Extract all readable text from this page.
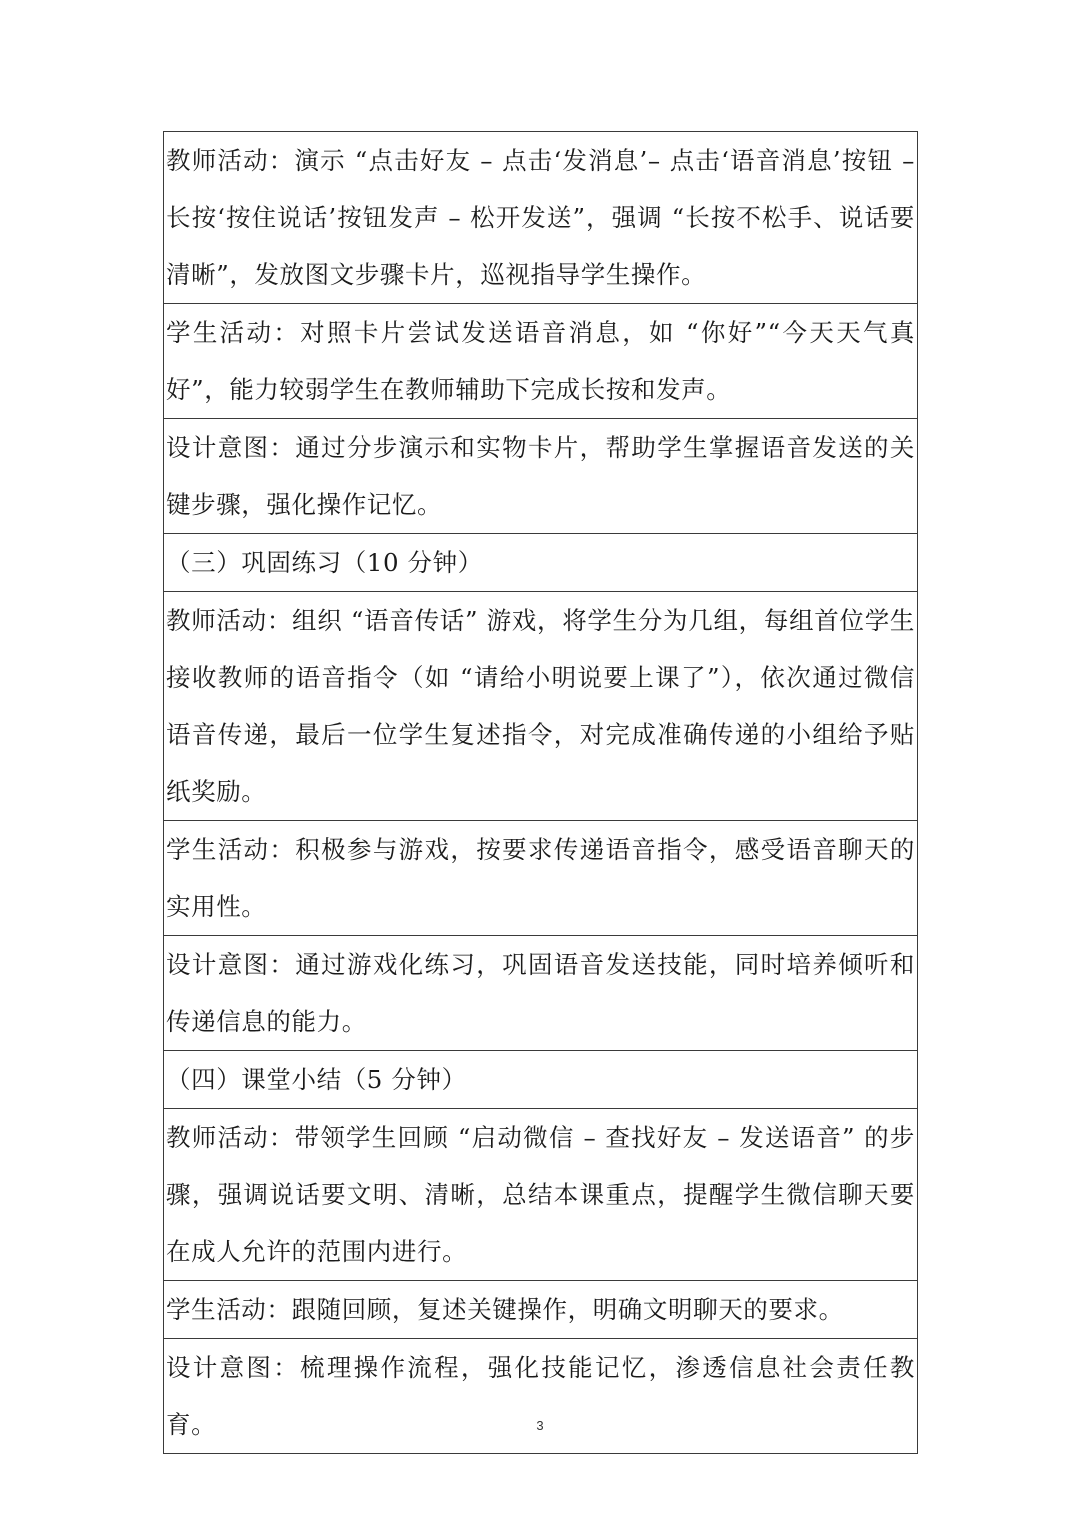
教师活动：演示 “点击好友 – 点击‘发消息’– 点击‘语音消息’按钮 – 长按‘按住说话’按钮发声 – 松开发送”，强调 “长按不松手、说话要清晰”，发放图文步骤卡片，巡视指导学生操作。
学生活动：对照卡片尝试发送语音消息，如 “你好”“今天天气真好”，能力较弱学生在教师辅助下完成长按和发声。
设计意图：通过分步演示和实物卡片，帮助学生掌握语音发送的关键步骤，强化操作记忆。
（三）巩固练习（10 分钟）
教师活动：组织 “语音传话” 游戏，将学生分为几组，每组首位学生接收教师的语音指令（如 “请给小明说要上课了”），依次通过微信语音传递，最后一位学生复述指令，对完成准确传递的小组给予贴纸奖励。
学生活动：积极参与游戏，按要求传递语音指令，感受语音聊天的实用性。
设计意图：通过游戏化练习，巩固语音发送技能，同时培养倾听和传递信息的能力。
（四）课堂小结（5 分钟）
教师活动：带领学生回顾 “启动微信 – 查找好友 – 发送语音” 的步骤，强调说话要文明、清晰，总结本课重点，提醒学生微信聊天要在成人允许的范围内进行。
学生活动：跟随回顾，复述关键操作，明确文明聊天的要求。
设计意图：梳理操作流程，强化技能记忆，渗透信息社会责任教育。	3
